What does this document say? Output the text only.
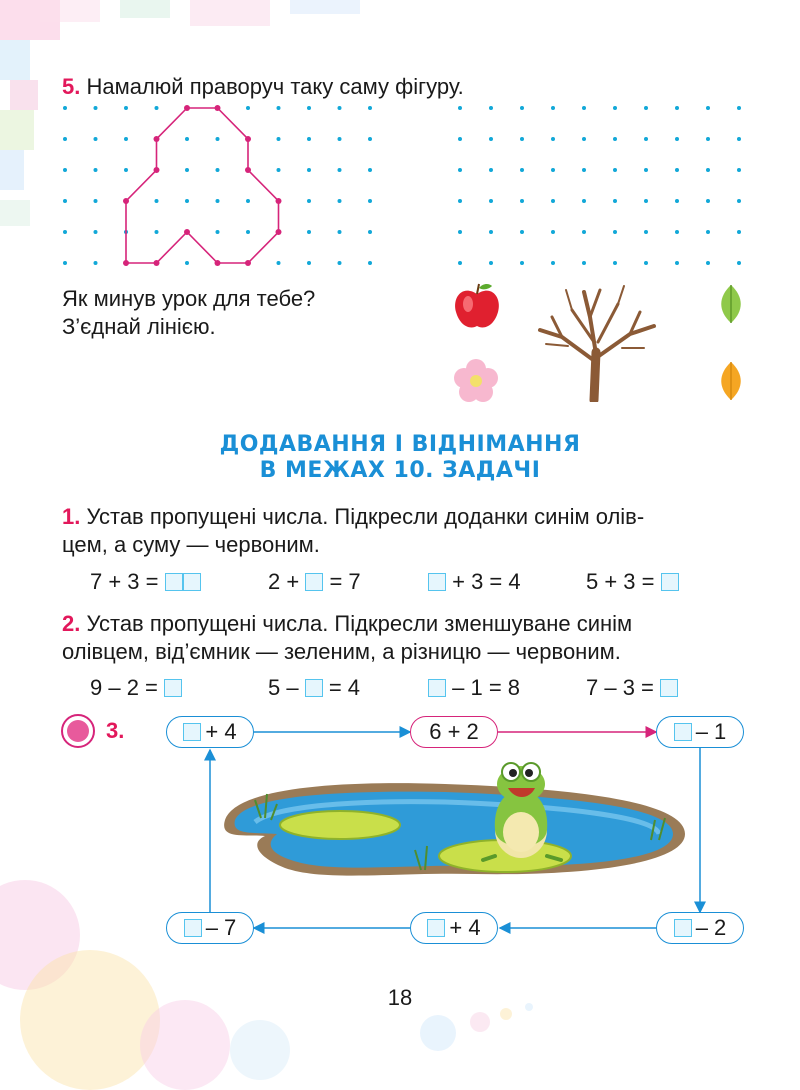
5. Намалюй праворуч таку саму фігуру.
Як минув урок для тебе?
З’єднай лінією.
ДОДАВАННЯ І ВІДНІМАННЯ
В МЕЖАХ 10. ЗАДАЧІ
1. Устав пропущені числа. Підкресли доданки синім олів-
цем, а суму — червоним.
7 + 3 =	2 + = 7	+ 3 = 4	5 + 3 =
2. Устав пропущені числа. Підкресли зменшуване синім
олівцем, від’ємник — зеленим, а різницю — червоним.
9 – 2 =	5 – = 4	– 1 = 8	7 – 3 =
3.	+ 4	6 + 2	– 1
– 2
+ 4
– 7
18
